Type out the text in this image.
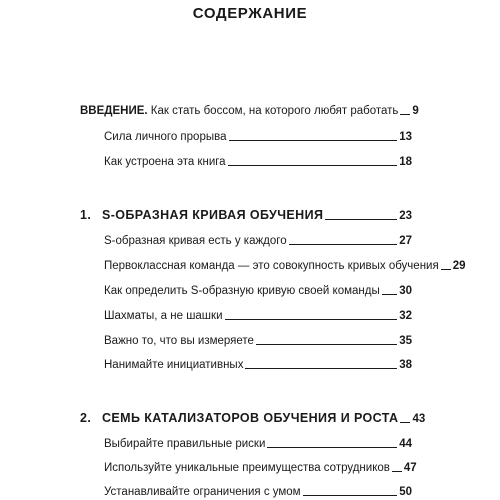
СОДЕРЖАНИЕ
ВВЕДЕНИЕ. Как стать боссом, на которого любят работать 9
Сила личного прорыва	13
Как устроена эта книга	18
1. S-ОБРАЗНАЯ КРИВАЯ ОБУЧЕНИЯ	23
S-образная кривая есть у каждого	27
Первоклассная команда — это совокупность кривых обучения 29
Как определить S-образную кривую своей команды 30
Шахматы, а не шашки	32
Важно то, что вы измеряете	35
Нанимайте инициативных	38
2. СЕМЬ КАТАЛИЗАТОРОВ ОБУЧЕНИЯ И РОСТА 43
Выбирайте правильные риски	44
Используйте уникальные преимущества сотрудников 47
Устанавливайте ограничения с умом	50
